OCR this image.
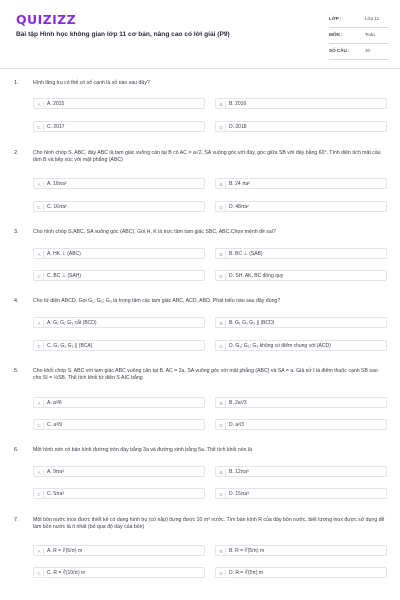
QUIZIZZ
Bài tập Hình học không gian lớp 11 cơ bản, nâng cao có lời giải (P9)
LỚP :	Lớp 11
MÔN :	Toán
SỐ CÂU :	30
1.	Hình lăng trụ có thể có số cạnh là số nào sau đây?
A	A. 2015	B	B. 2016
C	C. 2017	D	D. 2018
2.	Cho hình chóp S. ABC, đáy ABC là tam giác vuông cân tại B có AC = a√2, SA vuông góc với đáy, góc giữa SB với đáy bằng 60°. Tính diện tích mặt cầu tâm B và tiếp xúc với mặt phẳng (ABC)
A	A. 16πa²	B	B. 24 πa²
C	C. 16πa²	D	D. 48πa²
3.	Cho hình chóp S.ABC, SA vuông góc (ABC). Gọi H, K là trực tâm tam giác SBC, ABC.Chọn mệnh đề sai?
A	A. HK ⊥ (ABC)	B	B. BC ⊥ (SAB)
C	C. BC ⊥ (SAH)	D	D. SH, AK, BC đồng quy
4.	Cho tứ diện ABCD. Gọi G₁; G₂; G₃ là trọng tâm các tam giác ABC, ACD, ABD. Phát biểu nào sau đây đúng?
A	A. G₁ G₂ G₃ cắt (BCD)	B	B. G₁ G₂ G₃ ∥ (BCD)
C	C. G₁ G₂ G₃ ∥ (BCA)	D	D. G₁; G₂; G₃ không có điểm chung với (ACD)
5.	Cho khối chóp S. ABC với tam giác ABC vuông cân tại B. AC = 2a, SA vuông góc với mặt phẳng (ABC) và SA = a. Giả sử I là điểm thuộc cạnh SB sao cho SI = ⅓SB. Thể tích khối tứ diện S AIC bằng
A	A. a³/6	B	B. 2a³/3
C	C. a³/9	D	D. a³/3
6.	Một hình nón có bán kính đường tròn đáy bằng 3a và đường sinh bằng 5a. Thể tích khối nón là
A	A. 9πa³	B	B. 12πa³
C	C. 5πa³	D	D. 15πa³
7.	Một bồn nước inox được thiết kế có dạng hình trụ (có nắp) dựng được 10 m³ nước. Tìm bán kính R của đáy bồn nước, biết lượng inox được sử dụng để làm bồn nước là ít nhất (bỏ qua độ dày của bồn)
A	A. R = ∛(5/π) m	B	B. R = ∛(5/π) m
C	C. R = ∛(10/π) m	D	D. R = ∛(5π) m
